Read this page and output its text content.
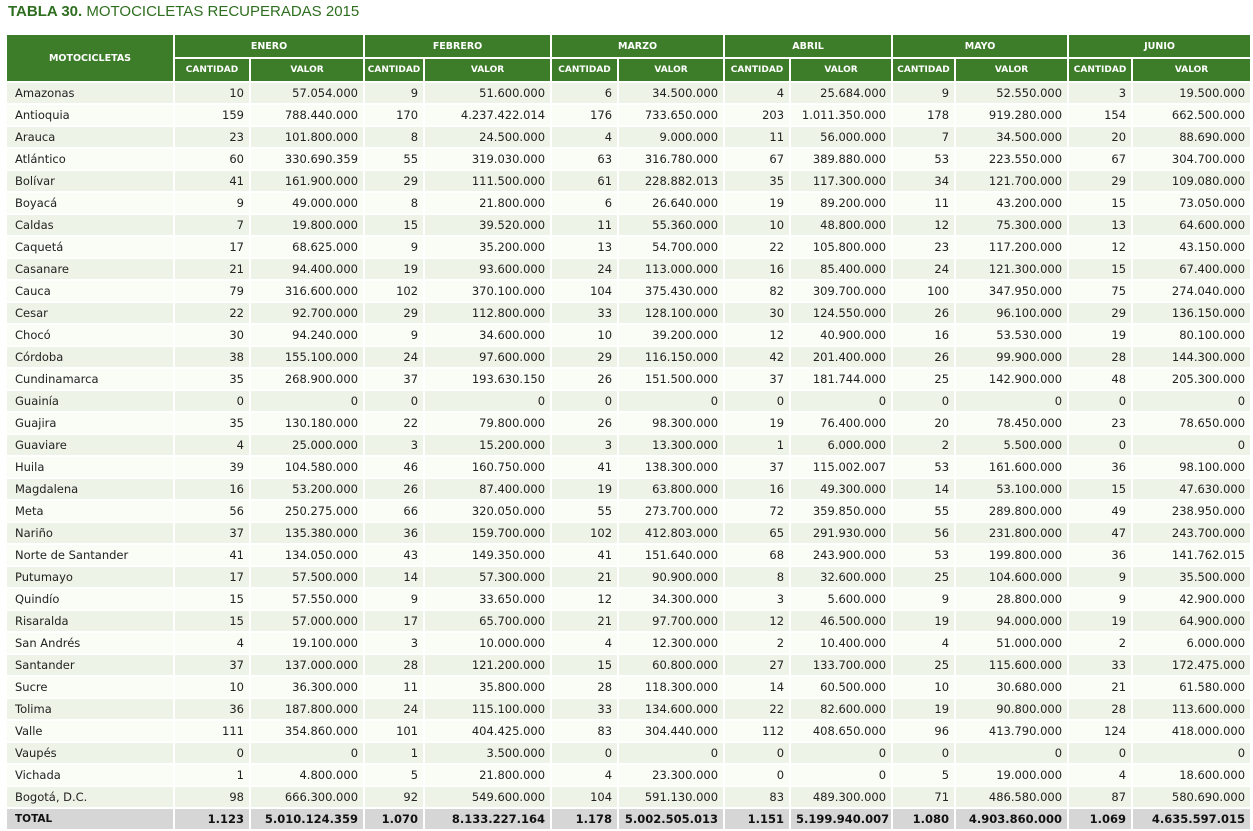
TABLA 30. MOTOCICLETAS RECUPERADAS 2015
MOTOCICLETAS	ENERO		FEBRERO		MARZO		ABRIL		MAYO		JUNIO	
	CANTIDAD	VALOR	CANTIDAD	VALOR	CANTIDAD	VALOR	CANTIDAD	VALOR	CANTIDAD	VALOR	CANTIDAD	VALOR
Amazonas	10	57.054.000	9	51.600.000	6	34.500.000	4	25.684.000	9	52.550.000	3	19.500.000
Antioquia	159	788.440.000	170	4.237.422.014	176	733.650.000	203	1.011.350.000	178	919.280.000	154	662.500.000
Arauca	23	101.800.000	8	24.500.000	4	9.000.000	11	56.000.000	7	34.500.000	20	88.690.000
Atlántico	60	330.690.359	55	319.030.000	63	316.780.000	67	389.880.000	53	223.550.000	67	304.700.000
Bolívar	41	161.900.000	29	111.500.000	61	228.882.013	35	117.300.000	34	121.700.000	29	109.080.000
Boyacá	9	49.000.000	8	21.800.000	6	26.640.000	19	89.200.000	11	43.200.000	15	73.050.000
Caldas	7	19.800.000	15	39.520.000	11	55.360.000	10	48.800.000	12	75.300.000	13	64.600.000
Caquetá	17	68.625.000	9	35.200.000	13	54.700.000	22	105.800.000	23	117.200.000	12	43.150.000
Casanare	21	94.400.000	19	93.600.000	24	113.000.000	16	85.400.000	24	121.300.000	15	67.400.000
Cauca	79	316.600.000	102	370.100.000	104	375.430.000	82	309.700.000	100	347.950.000	75	274.040.000
Cesar	22	92.700.000	29	112.800.000	33	128.100.000	30	124.550.000	26	96.100.000	29	136.150.000
Chocó	30	94.240.000	9	34.600.000	10	39.200.000	12	40.900.000	16	53.530.000	19	80.100.000
Córdoba	38	155.100.000	24	97.600.000	29	116.150.000	42	201.400.000	26	99.900.000	28	144.300.000
Cundinamarca	35	268.900.000	37	193.630.150	26	151.500.000	37	181.744.000	25	142.900.000	48	205.300.000
Guainía	0	0	0	0	0	0	0	0	0	0	0	0
Guajira	35	130.180.000	22	79.800.000	26	98.300.000	19	76.400.000	20	78.450.000	23	78.650.000
Guaviare	4	25.000.000	3	15.200.000	3	13.300.000	1	6.000.000	2	5.500.000	0	0
Huila	39	104.580.000	46	160.750.000	41	138.300.000	37	115.002.007	53	161.600.000	36	98.100.000
Magdalena	16	53.200.000	26	87.400.000	19	63.800.000	16	49.300.000	14	53.100.000	15	47.630.000
Meta	56	250.275.000	66	320.050.000	55	273.700.000	72	359.850.000	55	289.800.000	49	238.950.000
Nariño	37	135.380.000	36	159.700.000	102	412.803.000	65	291.930.000	56	231.800.000	47	243.700.000
Norte de Santander	41	134.050.000	43	149.350.000	41	151.640.000	68	243.900.000	53	199.800.000	36	141.762.015
Putumayo	17	57.500.000	14	57.300.000	21	90.900.000	8	32.600.000	25	104.600.000	9	35.500.000
Quindío	15	57.550.000	9	33.650.000	12	34.300.000	3	5.600.000	9	28.800.000	9	42.900.000
Risaralda	15	57.000.000	17	65.700.000	21	97.700.000	12	46.500.000	19	94.000.000	19	64.900.000
San Andrés	4	19.100.000	3	10.000.000	4	12.300.000	2	10.400.000	4	51.000.000	2	6.000.000
Santander	37	137.000.000	28	121.200.000	15	60.800.000	27	133.700.000	25	115.600.000	33	172.475.000
Sucre	10	36.300.000	11	35.800.000	28	118.300.000	14	60.500.000	10	30.680.000	21	61.580.000
Tolima	36	187.800.000	24	115.100.000	33	134.600.000	22	82.600.000	19	90.800.000	28	113.600.000
Valle	111	354.860.000	101	404.425.000	83	304.440.000	112	408.650.000	96	413.790.000	124	418.000.000
Vaupés	0	0	1	3.500.000	0	0	0	0	0	0	0	0
Vichada	1	4.800.000	5	21.800.000	4	23.300.000	0	0	5	19.000.000	4	18.600.000
Bogotá, D.C.	98	666.300.000	92	549.600.000	104	591.130.000	83	489.300.000	71	486.580.000	87	580.690.000
TOTAL	1.123	5.010.124.359	1.070	8.133.227.164	1.178	5.002.505.013	1.151	5.199.940.007	1.080	4.903.860.000	1.069	4.635.597.015
